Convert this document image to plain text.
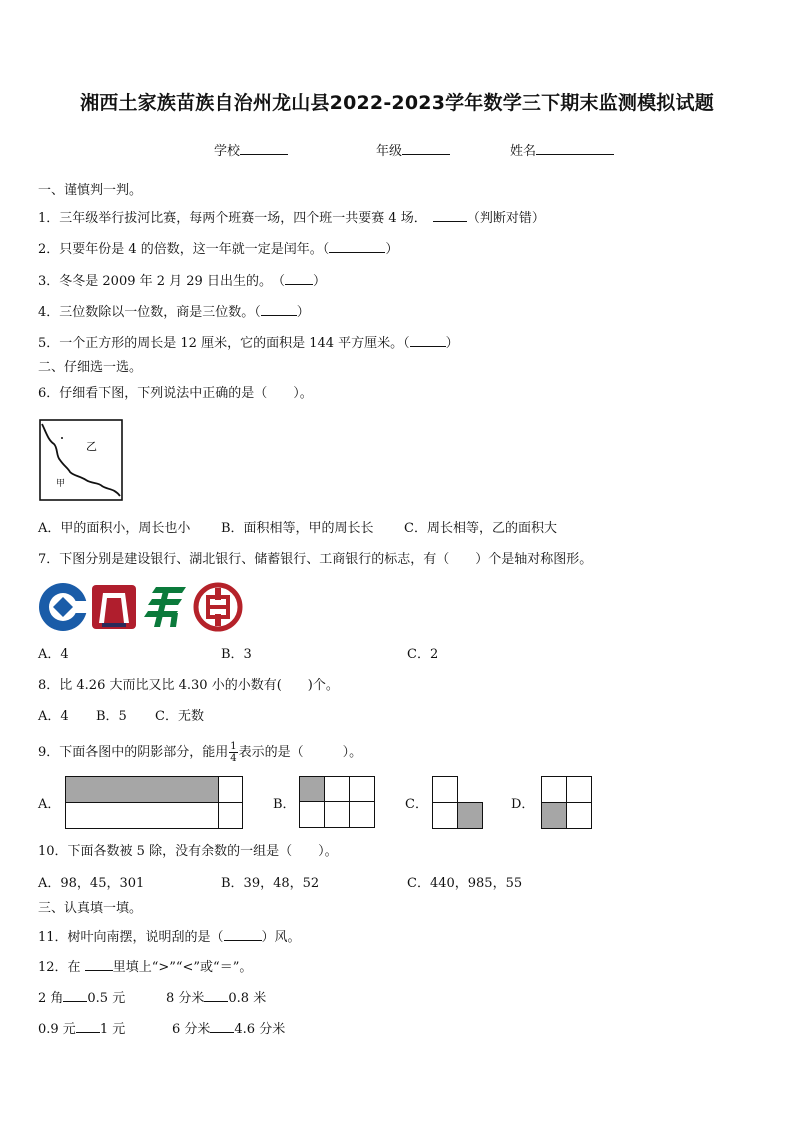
湘西土家族苗族自治州龙山县2022-2023学年数学三下期末监测模拟试题
学校	年级	姓名
一、谨慎判一判。
1．三年级举行拔河比赛，每两个班赛一场，四个班一共要赛 4 场．	（判断对错）
2．只要年份是 4 的倍数，这一年就一定是闰年。（	）
3．冬冬是 2009 年 2 月 29 日出生的。　（ ）
4．三位数除以一位数，商是三位数。（	）
5．一个正方形的周长是 12 厘米，它的面积是 144 平方厘米。（	）
二、仔细选一选。
6．仔细看下图，下列说法中正确的是（　　）。
乙
甲
A．甲的面积小，周长也小 B．面积相等，甲的周长长 C．周长相等，乙的面积大
7．下图分别是建设银行、湖北银行、储蓄银行、工商银行的标志，有（　　）个是轴对称图形。
A．4	B．3	C．2
8．比 4.26 大而比又比 4.30 小的小数有(　　)个。
A．4 B．5 C．无数
9．下面各图中的阴影部分，能用 $\frac{1}{4}$ 表示的是（　　　）。
A．	B．	C．	D．
10．下面各数被 5 除，没有余数的一组是（　　）。
A．98，45，301	B．39，48，52	C．440，985，55
三、认真填一填。
11．树叶向南摆，说明刮的是（	）风。
12．在 里填上“>”“<”或“＝”。
2 角 0.5 元	8 分米 0.8 米
0.9 元 1 元	6 分米 4.6 分米
